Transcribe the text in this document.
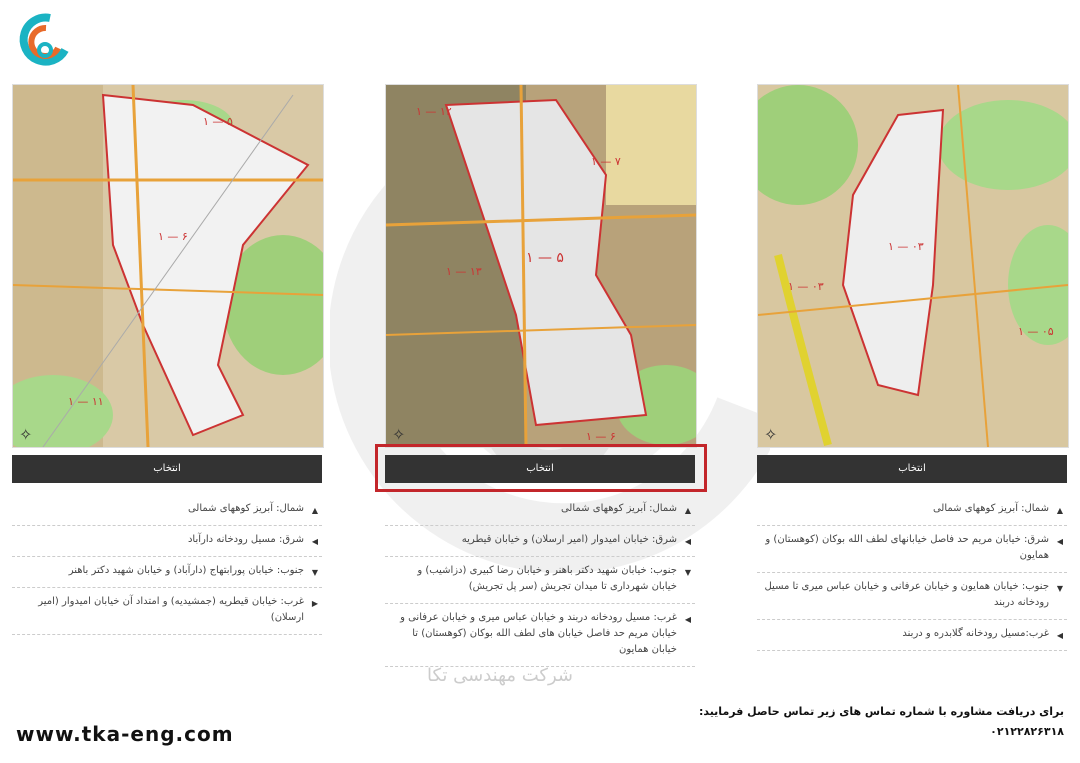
شرکت مهندسی تکا
۱ — ۵
۱ — ۶
۱ — ۱۱
✧
انتخاب
▲
شمال: آبریز کوههای شمالی
◀
شرق: مسیل رودخانه دارآباد
▼
جنوب: خیابان پورابتهاج (دارآباد) و خیابان شهید دکتر باهنر
▶
غرب: خیابان قیطریه (جمشیدیه) و امتداد آن خیابان امیدوار (امیر ارسلان)
۱ — ۱۲
۱ — ۵
۱ — ۱۳
۱ — ۷
۱ — ۶
✧
انتخاب
▲
شمال: آبریز کوههای شمالی
◀
شرق: خیابان امیدوار (امیر ارسلان) و خیابان قیطریه
▼
جنوب: خیابان شهید دکتر باهنر و خیابان رضا کبیری (دزاشیب) و خیابان شهرداری تا میدان تجریش (سر پل تجریش)
◀
غرب: مسیل رودخانه دربند و خیابان عباس میری و خیابان عرفانی و خیابان مریم حد فاصل خیابان های لطف الله بوکان (کوهستان) تا خیابان همایون
۱ — ۰۳
۱ — ۰۳
۱ — ۰۵
✧
انتخاب
▲
شمال: آبریز کوههای شمالی
◀
شرق: خیابان مریم حد فاصل خیابانهای لطف الله بوکان (کوهستان) و همایون
▼
جنوب: خیابان همایون و خیابان عرفانی و خیابان عباس میری تا مسیل رودخانه دربند
◀
غرب:مسیل رودخانه گلابدره و دربند
www.tka-eng.com
برای دریافت مشاوره با شماره تماس های زیر تماس حاصل فرمایید:
۰۲۱۲۲۸۲۶۳۱۸
